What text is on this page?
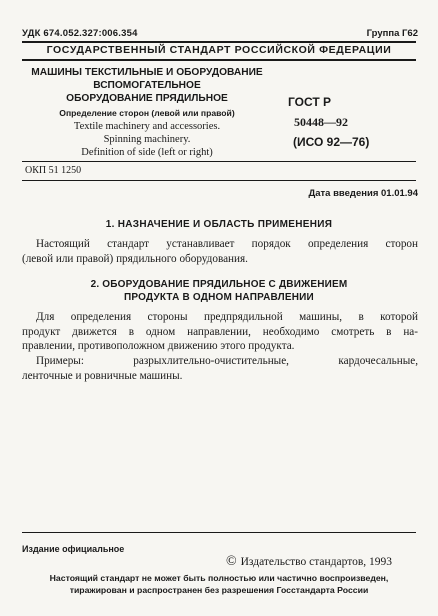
УДК 674.052.327:006.354	Группа Г62
ГОСУДАРСТВЕННЫЙ СТАНДАРТ РОССИЙСКОЙ ФЕДЕРАЦИИ
МАШИНЫ ТЕКСТИЛЬНЫЕ И ОБОРУДОВАНИЕ
ВСПОМОГАТЕЛЬНОЕ
ОБОРУДОВАНИЕ ПРЯДИЛЬНОЕ
Определение сторон (левой или правой)
Textile machinery and accessories.
Spinning machinery.
Definition of side (left or right)
ГОСТ Р
50448—92
(ИСО 92—76)
ОКП 51 1250
Дата введения 01.01.94
1. НАЗНАЧЕНИЕ И ОБЛАСТЬ ПРИМЕНЕНИЯ
Настоящий стандарт устанавливает порядок определения сторон
(левой или правой) прядильного оборудования.
2. ОБОРУДОВАНИЕ ПРЯДИЛЬНОЕ С ДВИЖЕНИЕМ
ПРОДУКТА В ОДНОМ НАПРАВЛЕНИИ
Для определения стороны предпрядильной машины, в которой
продукт движется в одном направлении, необходимо смотреть в на-
правлении, противоположном движению этого продукта.
Примеры: разрыхлительно-очистительные, кардочесальные,
ленточные и ровничные машины.
Издание официальное
© Издательство стандартов, 1993
Настоящий стандарт не может быть полностью или частично воспроизведен,
тиражирован и распространен без разрешения Госстандарта России
